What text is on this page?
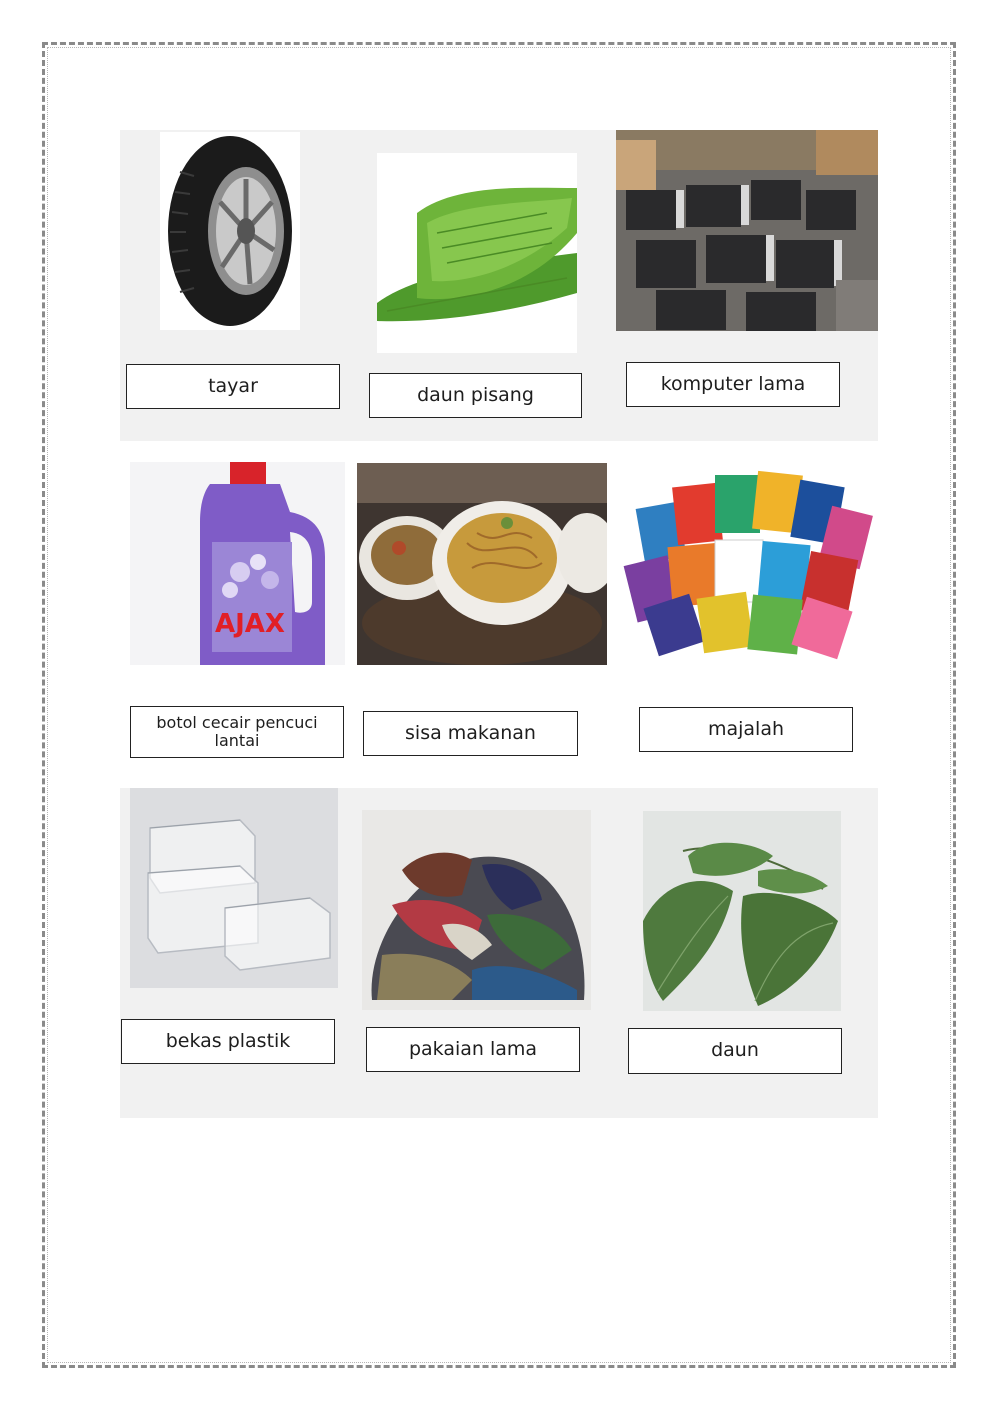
tayar	daun pisang	komputer lama
AJAX
botol cecair pencuci lantai	sisa makanan	majalah
bekas plastik	pakaian lama	daun
